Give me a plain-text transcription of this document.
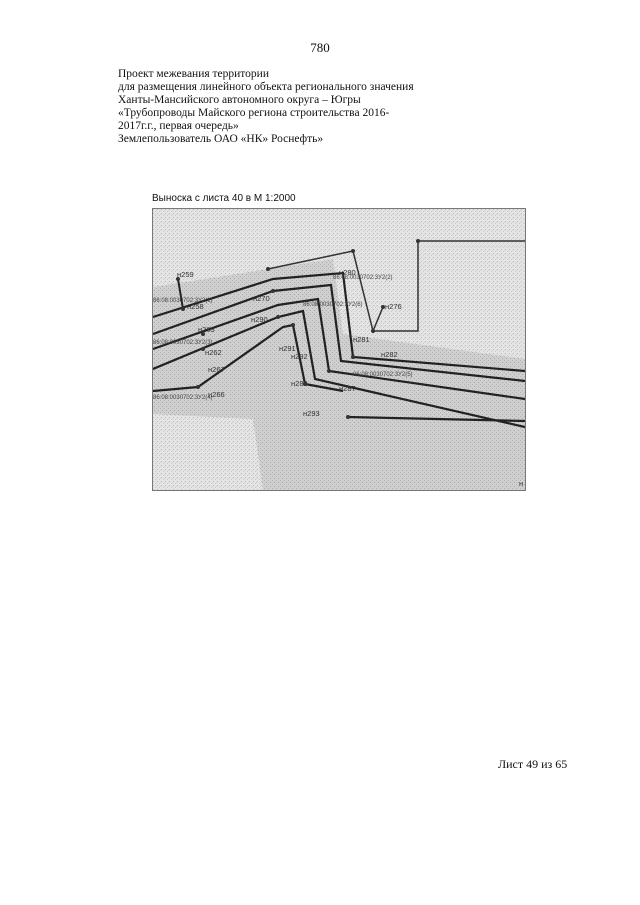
780
Проект межевания территории
для размещения линейного объекта регионального значения
Ханты-Мансийского автономного округа – Югры
«Трубопроводы Майского региона строительства 2016-
2017г.г., первая очередь»
Землепользователь ОАО «НК» Роснефть»
Выноска с листа 40 в М 1:2000
н259
н258
н263
н262
н267
н266
н270
н280
н276
н290
н281
н282
н291
н292
н288
н287
н293
н
86:08:0030702:3У2(1)
86:08:0030702:3У2(2)
86:08:0030702:3У2(3)
86:08:0030702:3У2(4)
86:08:0030702:3У2(5)
86:08:0030702:3У2(6)
Лист 49 из 65
